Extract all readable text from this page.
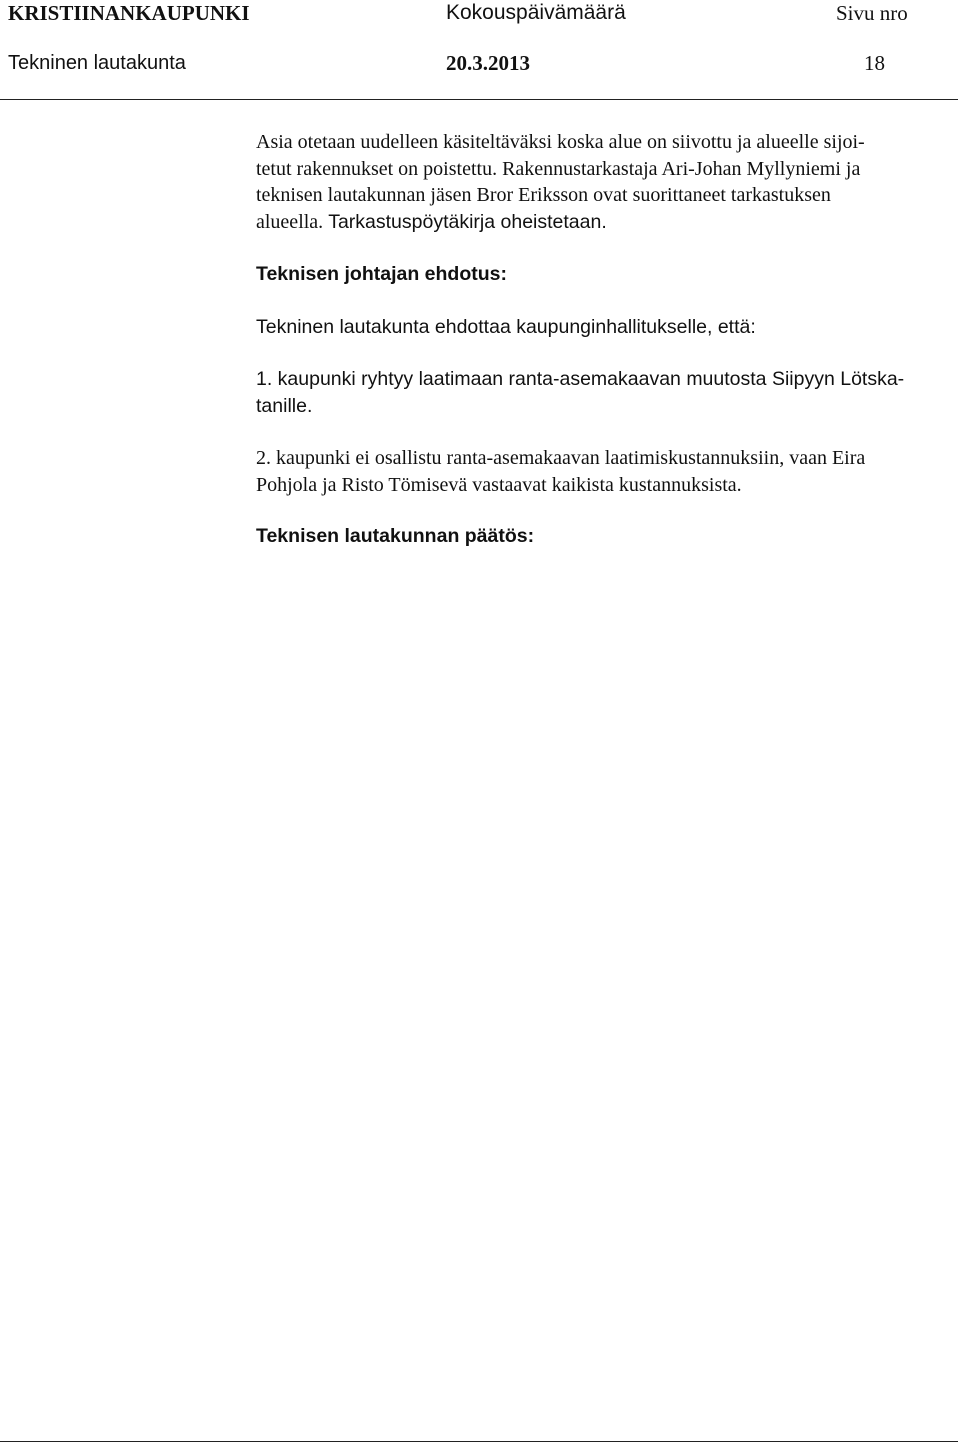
KRISTIINANKAUPUNKI	Kokouspäivämäärä	Sivu nro
Tekninen lautakunta	20.3.2013	18

Asia otetaan uudelleen käsiteltäväksi koska alue on siivottu ja alueelle sijoi-

tetut rakennukset on poistettu. Rakennustarkastaja Ari-Johan Myllyniemi ja

teknisen lautakunnan jäsen Bror Eriksson ovat suorittaneet tarkastuksen

alueella. Tarkastuspöytäkirja oheistetaan.

Teknisen johtajan ehdotus:

Tekninen lautakunta ehdottaa kaupunginhallitukselle, että:

1. kaupunki ryhtyy laatimaan ranta-asemakaavan muutosta Siipyyn Lötska-

tanille.

2. kaupunki ei osallistu ranta-asemakaavan laatimiskustannuksiin, vaan Eira

Pohjola ja Risto Tömisevä vastaavat kaikista kustannuksista.

Teknisen lautakunnan päätös:
